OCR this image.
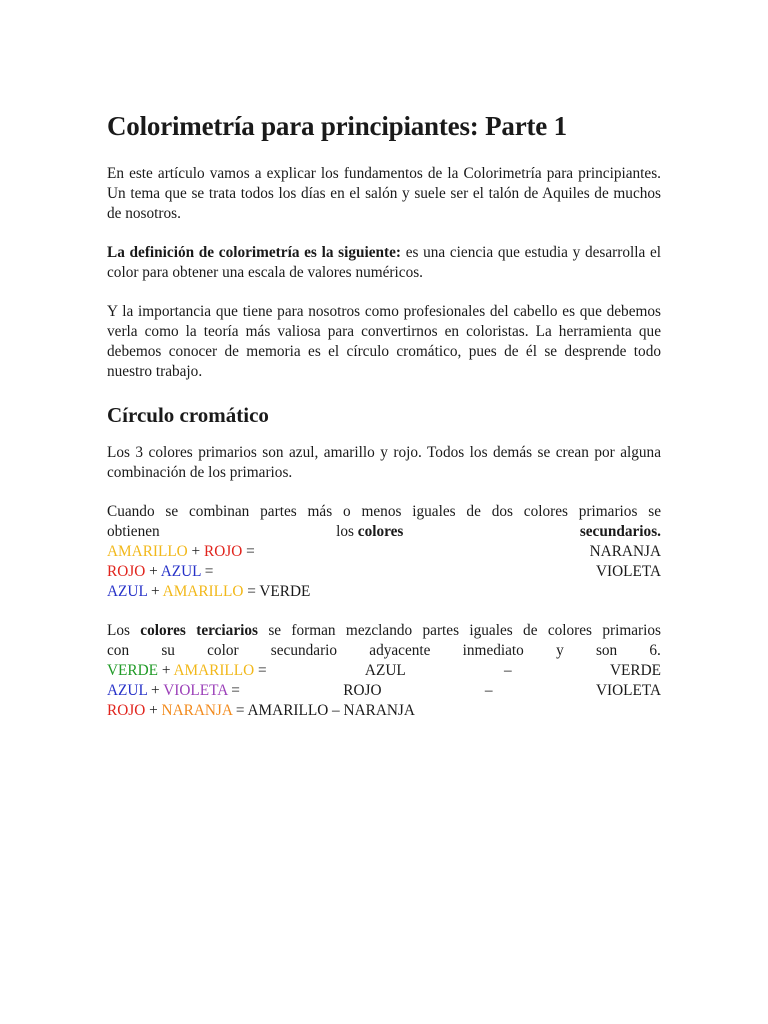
Colorimetría para principiantes: Parte 1

En este artículo vamos a explicar los fundamentos de la Colorimetría para principiantes. Un tema que se trata todos los días en el salón y suele ser el talón de Aquiles de muchos de nosotros.

La definición de colorimetría es la siguiente: es una ciencia que estudia y desarrolla el color para obtener una escala de valores numéricos.

Y la importancia que tiene para nosotros como profesionales del cabello es que debemos verla como la teoría más valiosa para convertirnos en coloristas. La herramienta que debemos conocer de memoria es el círculo cromático, pues de él se desprende todo nuestro trabajo.

Círculo cromático

Los 3 colores primarios son azul, amarillo y rojo. Todos los demás se crean por alguna combinación de los primarios.

Cuando se combinan partes más o menos iguales de dos colores primarios se
obtienen	los colores	secundarios.
AMARILLO + ROJO =	NARANJA
ROJO + AZUL =	VIOLETA
AZUL + AMARILLO = VERDE

Los colores terciarios se forman mezclando partes iguales de colores primarios
con su color secundario adyacente inmediato y son 6.
VERDE + AMARILLO =	AZUL	–	VERDE
AZUL + VIOLETA =	ROJO	–	VIOLETA
ROJO + NARANJA = AMARILLO – NARANJA
